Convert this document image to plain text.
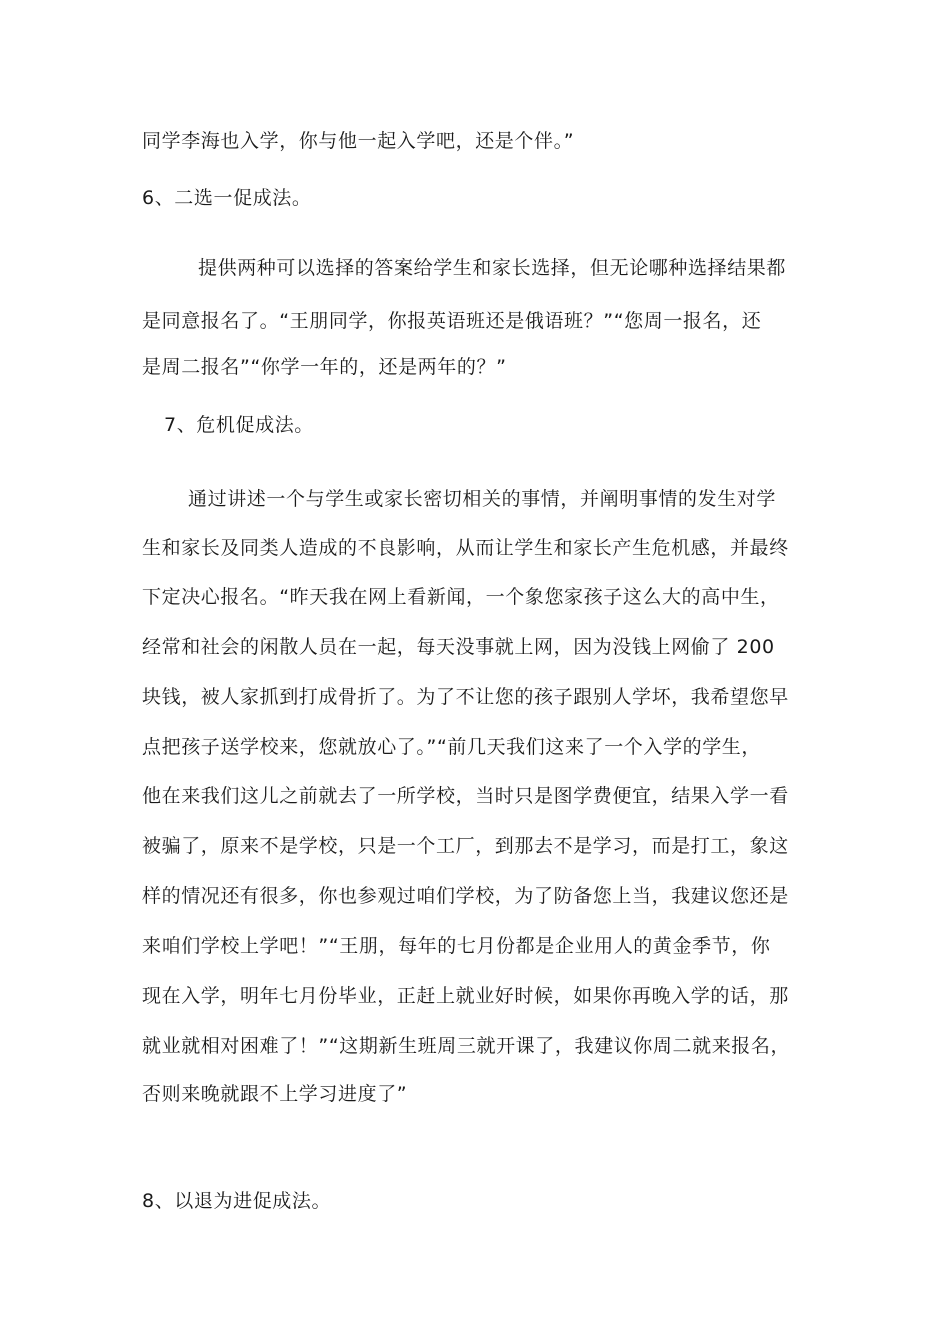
同学李海也入学，你与他一起入学吧，还是个伴。”
6、二选一促成法。
提供两种可以选择的答案给学生和家长选择，但无论哪种选择结果都
是同意报名了。“王朋同学，你报英语班还是俄语班？”“您周一报名，还
是周二报名”“你学一年的，还是两年的？”
7、危机促成法。
通过讲述一个与学生或家长密切相关的事情，并阐明事情的发生对学
生和家长及同类人造成的不良影响，从而让学生和家长产生危机感，并最终
下定决心报名。“昨天我在网上看新闻，一个象您家孩子这么大的高中生，
经常和社会的闲散人员在一起，每天没事就上网，因为没钱上网偷了 200
块钱，被人家抓到打成骨折了。为了不让您的孩子跟别人学坏，我希望您早
点把孩子送学校来，您就放心了。”“前几天我们这来了一个入学的学生，
他在来我们这儿之前就去了一所学校，当时只是图学费便宜，结果入学一看
被骗了，原来不是学校，只是一个工厂，到那去不是学习，而是打工，象这
样的情况还有很多，你也参观过咱们学校，为了防备您上当，我建议您还是
来咱们学校上学吧！”“王朋，每年的七月份都是企业用人的黄金季节，你
现在入学，明年七月份毕业，正赶上就业好时候，如果你再晚入学的话，那
就业就相对困难了！”“这期新生班周三就开课了，我建议你周二就来报名，
否则来晚就跟不上学习进度了”
8、以退为进促成法。
